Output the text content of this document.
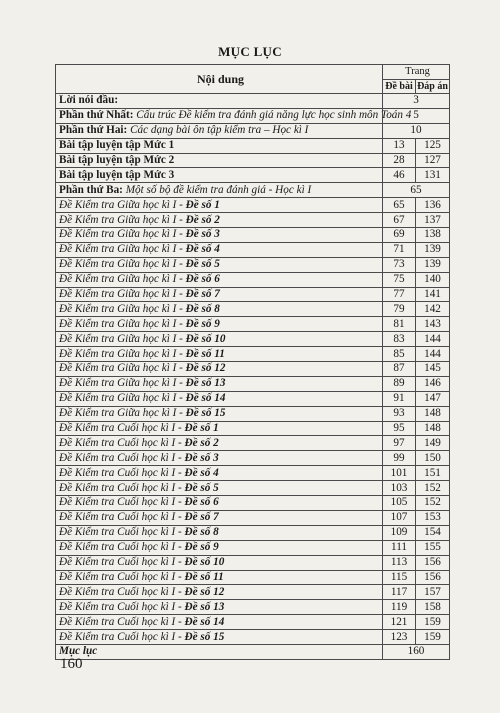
MỤC LỤC
Nội dung	Trang	
	Đề bài	Đáp án
Lời nói đầu:	3	
Phần thứ Nhất: Cấu trúc Đề kiểm tra đánh giá năng lực học sinh môn Toán 4	5	
Phần thứ Hai: Các dạng bài ôn tập kiểm tra – Học kì I	10	
Bài tập luyện tập Mức 1	13	125
Bài tập luyện tập Mức 2	28	127
Bài tập luyện tập Mức 3	46	131
Phần thứ Ba: Một số bộ đề kiểm tra đánh giá - Học kì I	65	
Đề Kiểm tra Giữa học kì I - Đề số 1	65	136
Đề Kiểm tra Giữa học kì I - Đề số 2	67	137
Đề Kiểm tra Giữa học kì I - Đề số 3	69	138
Đề Kiểm tra Giữa học kì I - Đề số 4	71	139
Đề Kiểm tra Giữa học kì I - Đề số 5	73	139
Đề Kiểm tra Giữa học kì I - Đề số 6	75	140
Đề Kiểm tra Giữa học kì I - Đề số 7	77	141
Đề Kiểm tra Giữa học kì I - Đề số 8	79	142
Đề Kiểm tra Giữa học kì I - Đề số 9	81	143
Đề Kiểm tra Giữa học kì I - Đề số 10	83	144
Đề Kiểm tra Giữa học kì I - Đề số 11	85	144
Đề Kiểm tra Giữa học kì I - Đề số 12	87	145
Đề Kiểm tra Giữa học kì I - Đề số 13	89	146
Đề Kiểm tra Giữa học kì I - Đề số 14	91	147
Đề Kiểm tra Giữa học kì I - Đề số 15	93	148
Đề Kiểm tra Cuối học kì I - Đề số 1	95	148
Đề Kiểm tra Cuối học kì I - Đề số 2	97	149
Đề Kiểm tra Cuối học kì I - Đề số 3	99	150
Đề Kiểm tra Cuối học kì I - Đề số 4	101	151
Đề Kiểm tra Cuối học kì I - Đề số 5	103	152
Đề Kiểm tra Cuối học kì I - Đề số 6	105	152
Đề Kiểm tra Cuối học kì I - Đề số 7	107	153
Đề Kiểm tra Cuối học kì I - Đề số 8	109	154
Đề Kiểm tra Cuối học kì I - Đề số 9	111	155
Đề Kiểm tra Cuối học kì I - Đề số 10	113	156
Đề Kiểm tra Cuối học kì I - Đề số 11	115	156
Đề Kiểm tra Cuối học kì I - Đề số 12	117	157
Đề Kiểm tra Cuối học kì I - Đề số 13	119	158
Đề Kiểm tra Cuối học kì I - Đề số 14	121	159
Đề Kiểm tra Cuối học kì I - Đề số 15	123	159
Mục lục	160	
160
